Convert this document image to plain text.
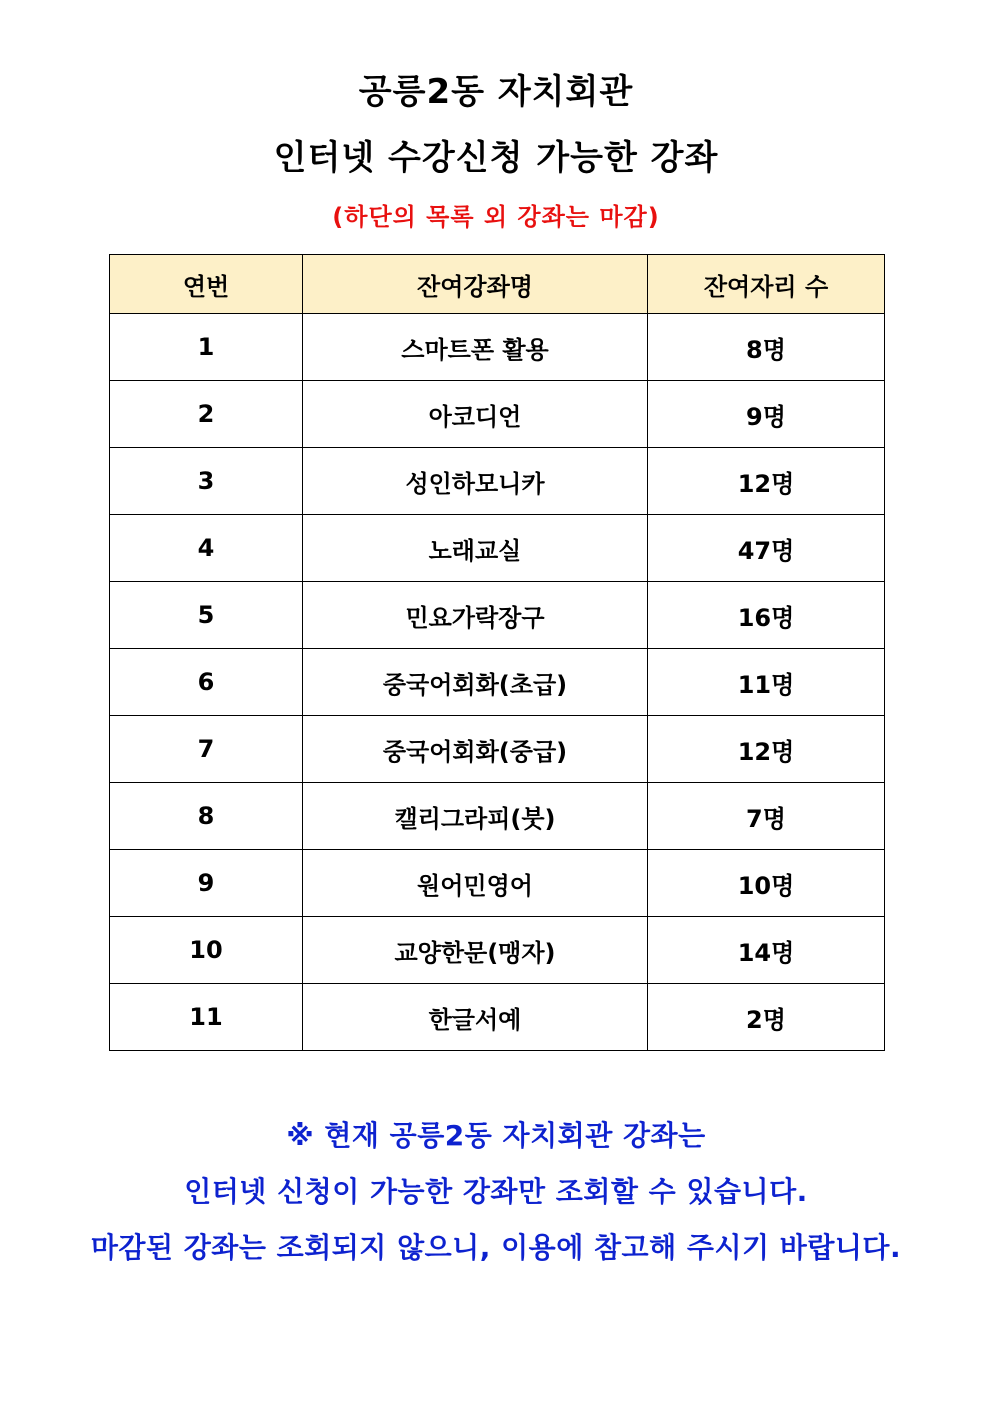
공릉2동 자치회관
인터넷 수강신청 가능한 강좌
(하단의 목록 외 강좌는 마감)
연번	잔여강좌명	잔여자리 수
1	스마트폰 활용	8명
2	아코디언	9명
3	성인하모니카	12명
4	노래교실	47명
5	민요가락장구	16명
6	중국어회화(초급)	11명
7	중국어회화(중급)	12명
8	캘리그라피(붓)	7명
9	원어민영어	10명
10	교양한문(맹자)	14명
11	한글서예	2명
※ 현재 공릉2동 자치회관 강좌는
인터넷 신청이 가능한 강좌만 조회할 수 있습니다.
마감된 강좌는 조회되지 않으니, 이용에 참고해 주시기 바랍니다.
